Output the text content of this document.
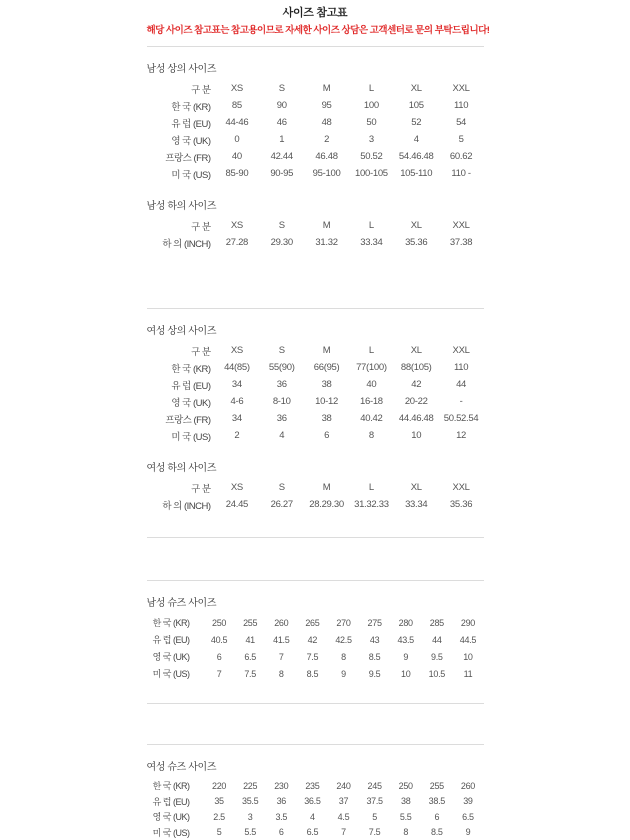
사이즈 참고표
해당 사이즈 참고표는 참고용이므로 자세한 사이즈 상담은 고객센터로 문의 부탁드립니다!
남성 상의 사이즈
구 분	XS	S	M	L	XL	XXL
한 국 (KR)	85	90	95	100	105	110
유 럽 (EU)	44-46	46	48	50	52	54
영 국 (UK)	0	1	2	3	4	5
프랑스 (FR)	40	42.44	46.48	50.52	54.46.48	60.62
미 국 (US)	85-90	90-95	95-100	100-105	105-110	110 -
남성 하의 사이즈
구 분	XS	S	M	L	XL	XXL
하 의 (INCH)	27.28	29.30	31.32	33.34	35.36	37.38
여성 상의 사이즈
구 분	XS	S	M	L	XL	XXL
한 국 (KR)	44(85)	55(90)	66(95)	77(100)	88(105)	110
유 럽 (EU)	34	36	38	40	42	44
영 국 (UK)	4-6	8-10	10-12	16-18	20-22	-
프랑스 (FR)	34	36	38	40.42	44.46.48	50.52.54
미 국 (US)	2	4	6	8	10	12
여성 하의 사이즈
구 분	XS	S	M	L	XL	XXL
하 의 (INCH)	24.45	26.27	28.29.30	31.32.33	33.34	35.36
남성 슈즈 사이즈
한 국 (KR)	250	255	260	265	270	275	280	285	290
유 럽 (EU)	40.5	41	41.5	42	42.5	43	43.5	44	44.5
영 국 (UK)	6	6.5	7	7.5	8	8.5	9	9.5	10
미 국 (US)	7	7.5	8	8.5	9	9.5	10	10.5	11
여성 슈즈 사이즈
한 국 (KR)	220	225	230	235	240	245	250	255	260
유 럽 (EU)	35	35.5	36	36.5	37	37.5	38	38.5	39
영 국 (UK)	2.5	3	3.5	4	4.5	5	5.5	6	6.5
미 국 (US)	5	5.5	6	6.5	7	7.5	8	8.5	9
